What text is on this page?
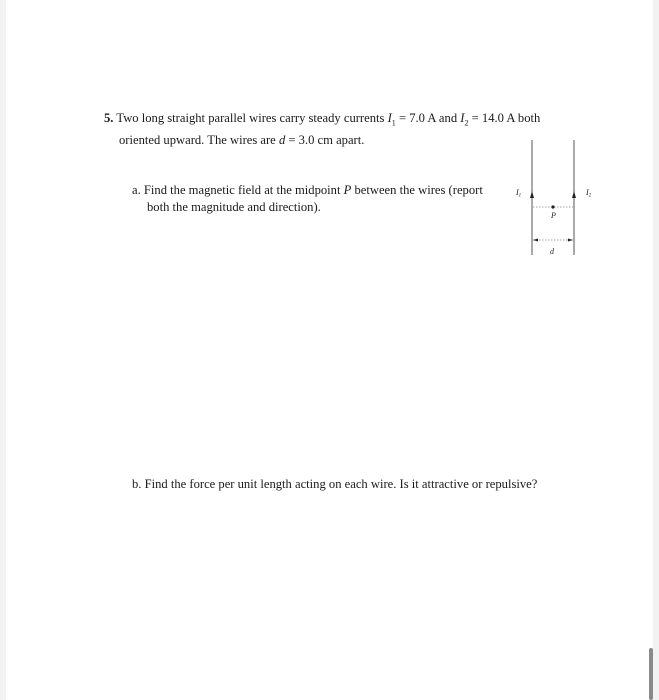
5. Two long straight parallel wires carry steady currents $I_1 = 7.0$ A and $I_2 = 14.0$ A both
oriented upward. The wires are d = 3.0 cm apart.
a. Find the magnetic field at the midpoint P between the wires (report
both the magnitude and direction).
I1	I2
P
d
b. Find the force per unit length acting on each wire. Is it attractive or repulsive?
